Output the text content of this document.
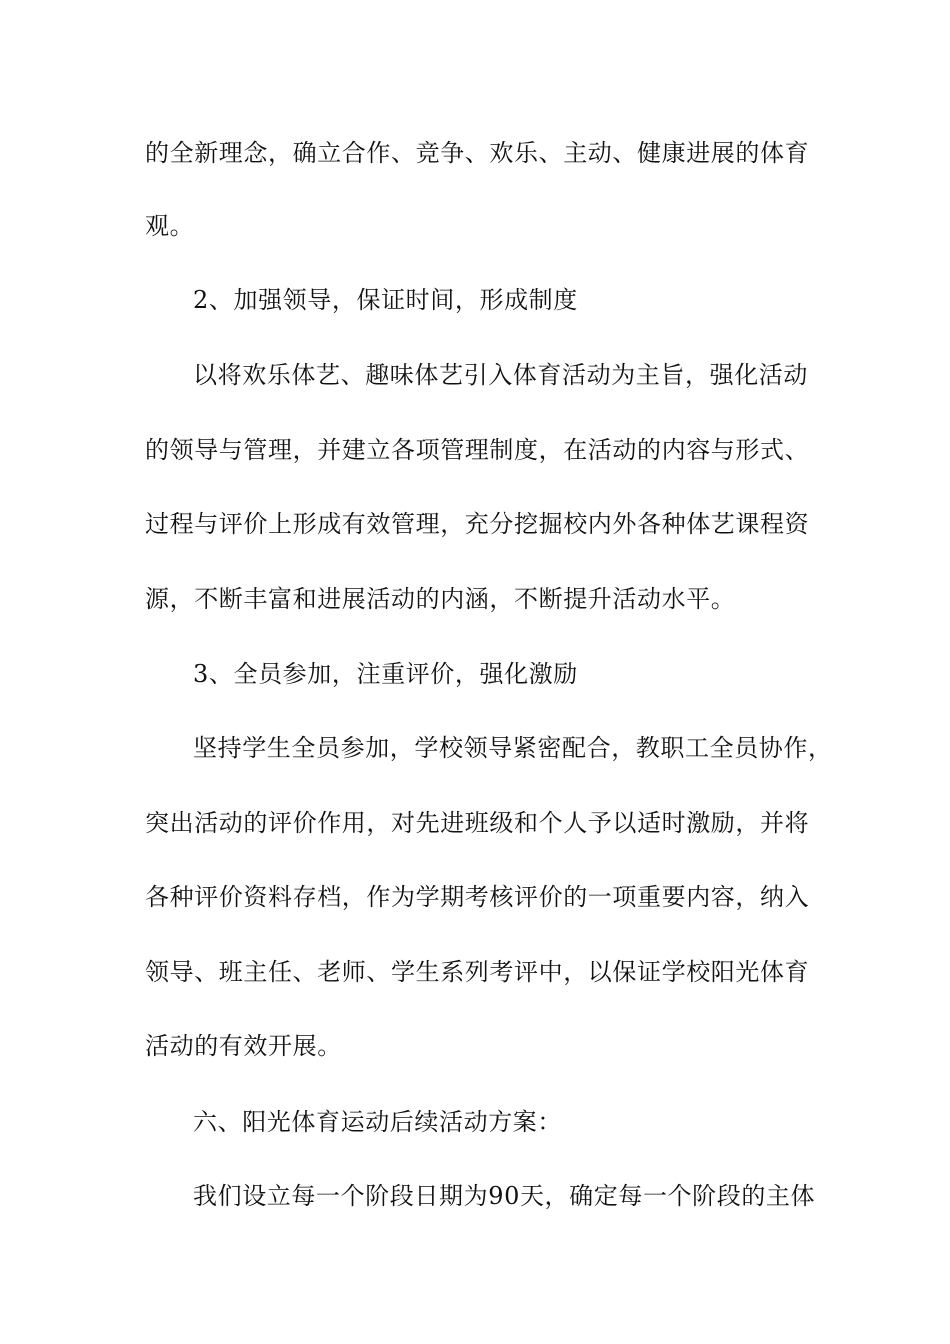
的全新理念，确立合作、竞争、欢乐、主动、健康进展的体育
观。
2、加强领导，保证时间，形成制度
以将欢乐体艺、趣味体艺引入体育活动为主旨，强化活动
的领导与管理，并建立各项管理制度，在活动的内容与形式、
过程与评价上形成有效管理，充分挖掘校内外各种体艺课程资
源，不断丰富和进展活动的内涵，不断提升活动水平。
3、全员参加，注重评价，强化激励
坚持学生全员参加，学校领导紧密配合，教职工全员协作，
突出活动的评价作用，对先进班级和个人予以适时激励，并将
各种评价资料存档，作为学期考核评价的一项重要内容，纳入
领导、班主任、老师、学生系列考评中，以保证学校阳光体育
活动的有效开展。
六、阳光体育运动后续活动方案：
我们设立每一个阶段日期为90天，确定每一个阶段的主体
